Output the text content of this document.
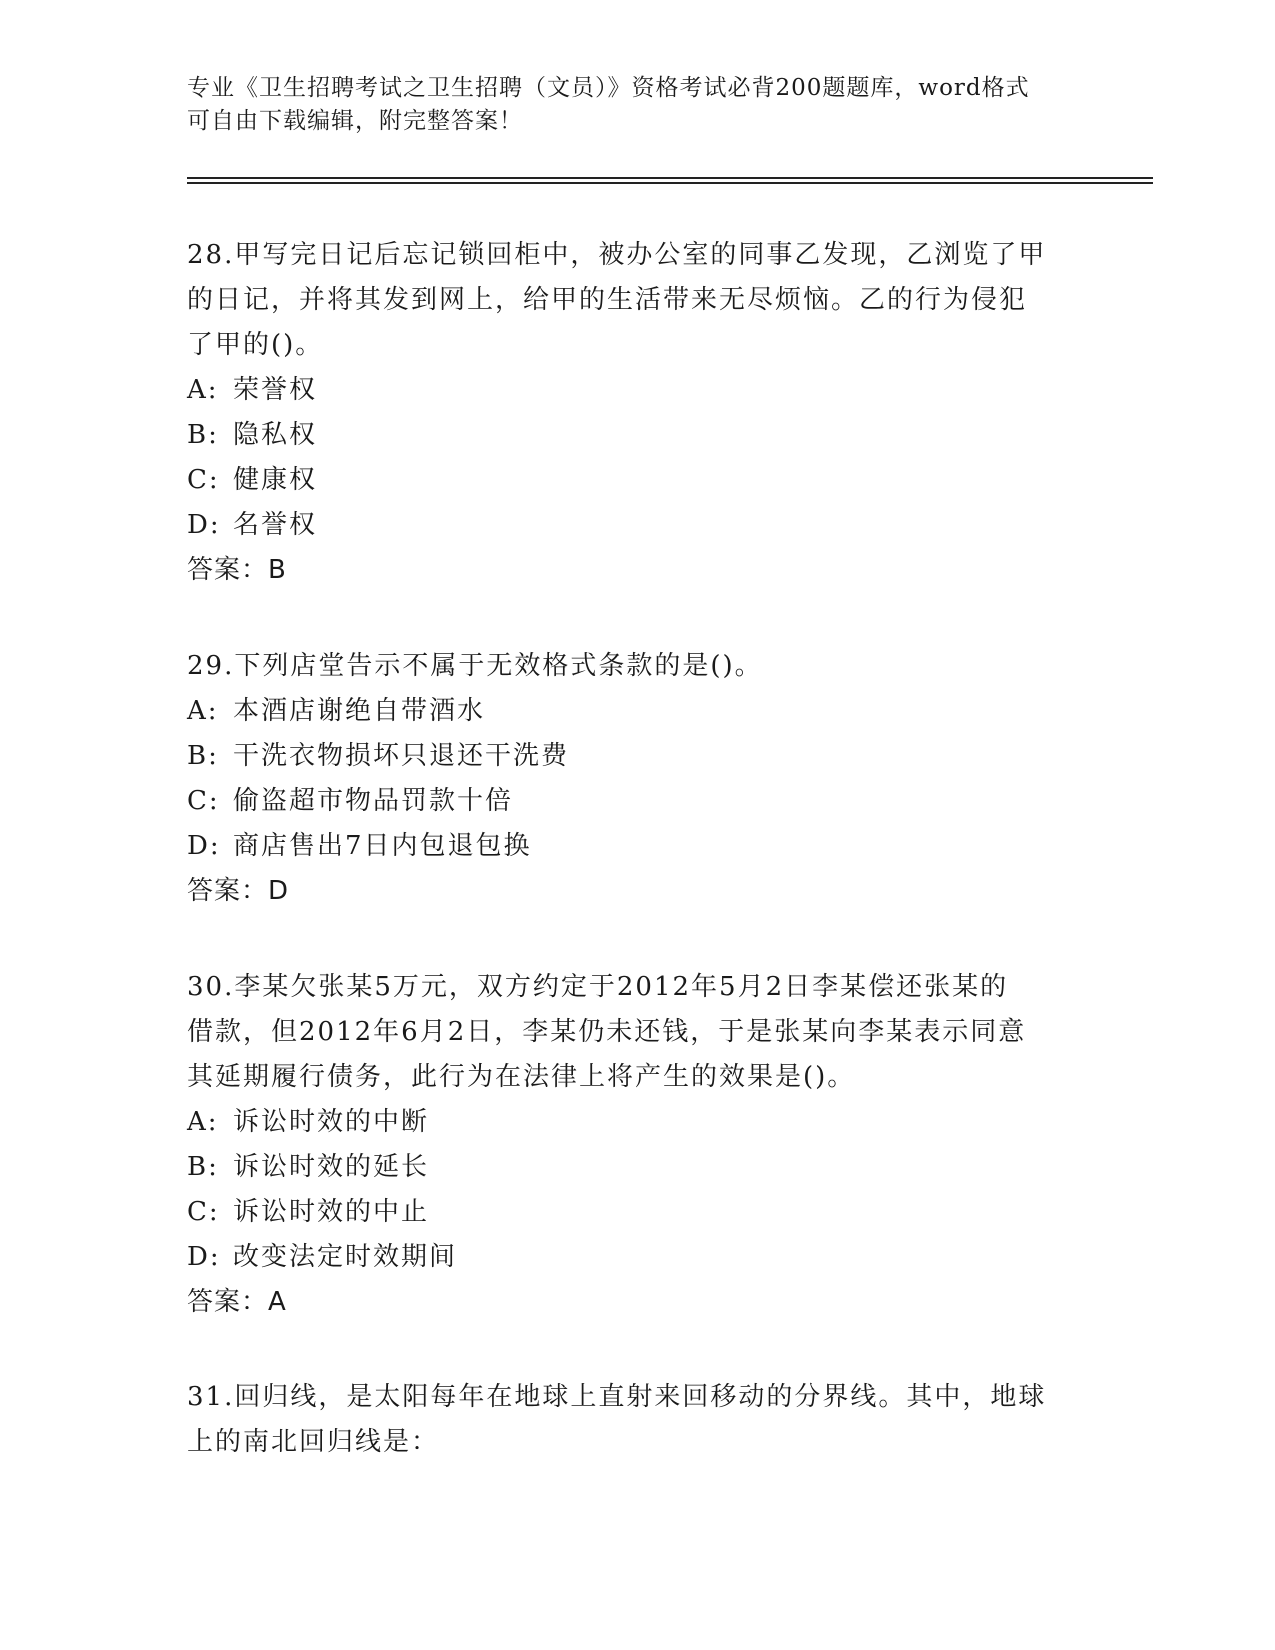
专业《卫生招聘考试之卫生招聘（文员）》资格考试必背200题题库，word格式
可自由下载编辑，附完整答案！
28.甲写完日记后忘记锁回柜中，被办公室的同事乙发现，乙浏览了甲
的日记，并将其发到网上，给甲的生活带来无尽烦恼。乙的行为侵犯
了甲的()。
A: 荣誉权
B: 隐私权
C: 健康权
D: 名誉权
答案：B
29.下列店堂告示不属于无效格式条款的是()。
A: 本酒店谢绝自带酒水
B: 干洗衣物损坏只退还干洗费
C: 偷盗超市物品罚款十倍
D: 商店售出7日内包退包换
答案：D
30.李某欠张某5万元，双方约定于2012年5月2日李某偿还张某的
借款，但2012年6月2日，李某仍未还钱，于是张某向李某表示同意
其延期履行债务，此行为在法律上将产生的效果是()。
A: 诉讼时效的中断
B: 诉讼时效的延长
C: 诉讼时效的中止
D: 改变法定时效期间
答案：A
31.回归线，是太阳每年在地球上直射来回移动的分界线。其中，地球
上的南北回归线是：
